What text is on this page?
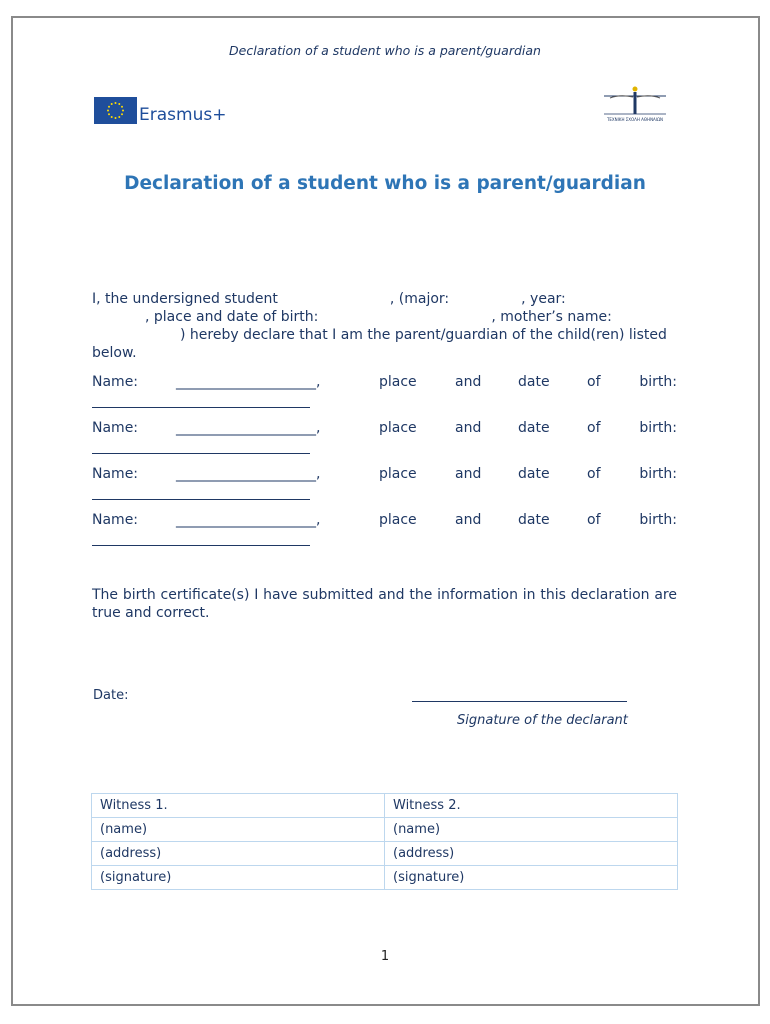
Declaration of a student who is a parent/guardian
Erasmus+	ΤΕΧΝΙΚΗ ΣΧΟΛΗ ΑΘΗΝΑΙΩΝ
Declaration of a student who is a parent/guardian
I, the undersigned student	, (major:	, year:
, place and date of birth:	, mother’s name:
) hereby declare that I am the parent/guardian of the child(ren) listed below.
Name:	____________________,	place	and	date	of	birth:
Name:	____________________,	place	and	date	of	birth:
Name:	____________________,	place	and	date	of	birth:
Name:	____________________,	place	and	date	of	birth:
The birth certificate(s) I have submitted and the information in this declaration are true and correct.
Date:
Signature of the declarant
Witness 1.	Witness 2.
(name)	(name)
(address)	(address)
(signature)	(signature)
1
